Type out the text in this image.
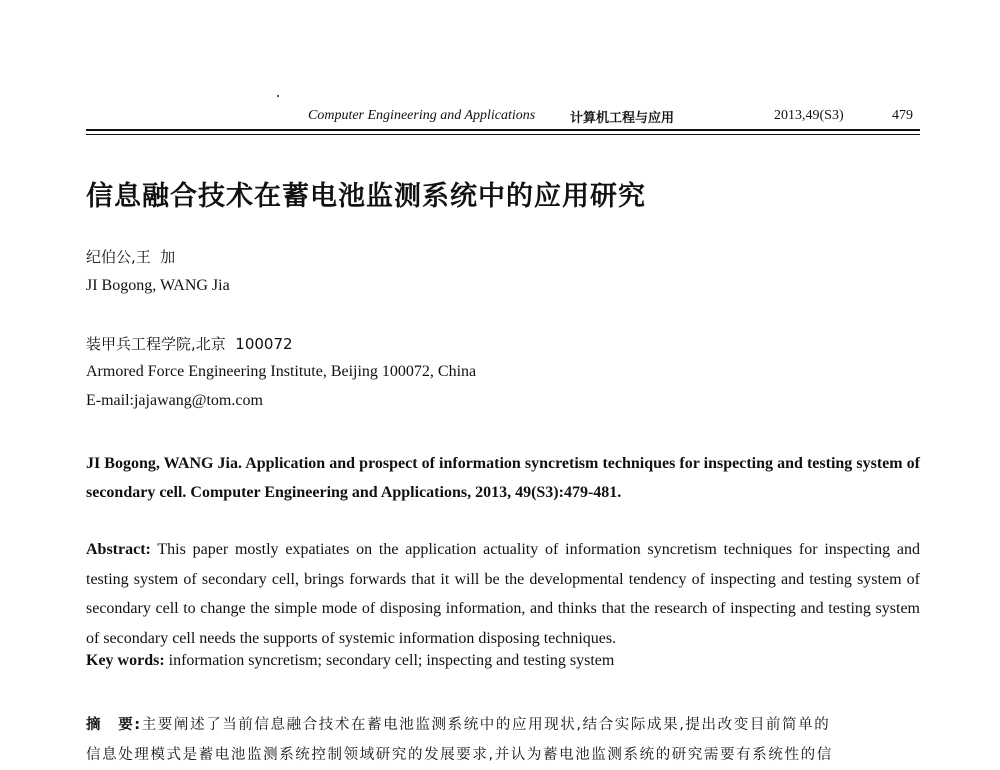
Computer Engineering and Applications	计算机工程与应用	2013,49(S3)	479
信息融合技术在蓄电池监测系统中的应用研究
纪伯公,王  加
JI Bogong, WANG Jia
装甲兵工程学院,北京  100072
Armored Force Engineering Institute, Beijing 100072, China
E-mail:jajawang@tom.com
JI Bogong, WANG Jia. Application and prospect of information syncretism techniques for inspecting and testing system of secondary cell. Computer Engineering and Applications, 2013, 49(S3):479-481.
Abstract: This paper mostly expatiates on the application actuality of information syncretism techniques for inspecting and testing system of secondary cell, brings forwards that it will be the developmental tendency of inspecting and testing system of secondary cell to change the simple mode of disposing information, and thinks that the research of inspecting and testing system of secondary cell needs the supports of systemic information disposing techniques.
Key words: information syncretism; secondary cell; inspecting and testing system
摘　要:主要阐述了当前信息融合技术在蓄电池监测系统中的应用现状,结合实际成果,提出改变目前简单的
信息处理模式是蓄电池监测系统控制领域研究的发展要求,并认为蓄电池监测系统的研究需要有系统性的信
